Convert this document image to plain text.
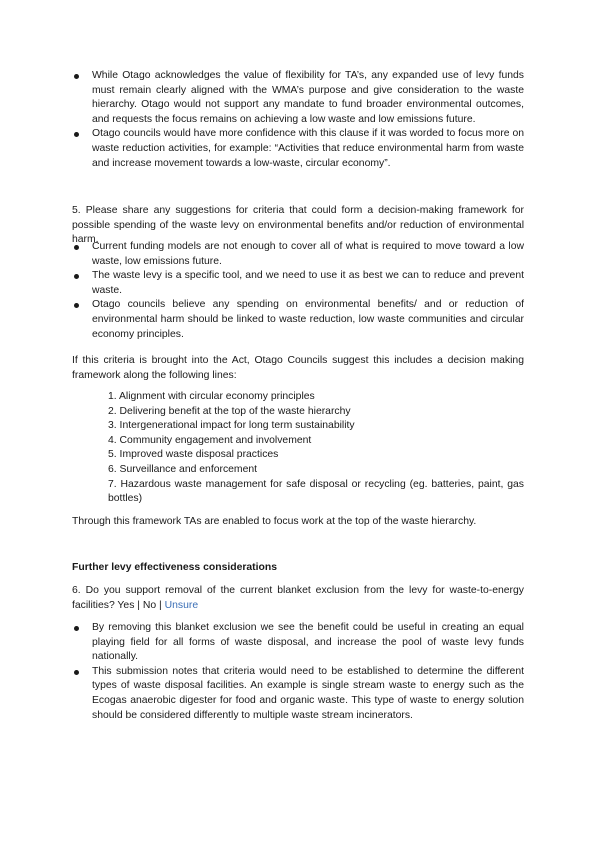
While Otago acknowledges the value of flexibility for TA’s, any expanded use of levy funds must remain clearly aligned with the WMA’s purpose and give consideration to the waste hierarchy. Otago would not support any mandate to fund broader environmental outcomes, and requests the focus remains on achieving a low waste and low emissions future.
Otago councils would have more confidence with this clause if it was worded to focus more on waste reduction activities, for example: “Activities that reduce environmental harm from waste and increase movement towards a low-waste, circular economy”.
5. Please share any suggestions for criteria that could form a decision-making framework for possible spending of the waste levy on environmental benefits and/or reduction of environmental harm.
Current funding models are not enough to cover all of what is required to move toward a low waste, low emissions future.
The waste levy is a specific tool, and we need to use it as best we can to reduce and prevent waste.
Otago councils believe any spending on environmental benefits/ and or reduction of environmental harm should be linked to waste reduction, low waste communities and circular economy principles.
If this criteria is brought into the Act, Otago Councils suggest this includes a decision making framework along the following lines:
1. Alignment with circular economy principles
2. Delivering benefit at the top of the waste hierarchy
3. Intergenerational impact for long term sustainability
4. Community engagement and involvement
5. Improved waste disposal practices
6. Surveillance and enforcement
7. Hazardous waste management for safe disposal or recycling (eg. batteries, paint, gas bottles)
Through this framework TAs are enabled to focus work at the top of the waste hierarchy.
Further levy effectiveness considerations
6. Do you support removal of the current blanket exclusion from the levy for waste-to-energy facilities? Yes | No | Unsure
By removing this blanket exclusion we see the benefit could be useful in creating an equal playing field for all forms of waste disposal, and increase the pool of waste levy funds nationally.
This submission notes that criteria would need to be established to determine the different types of waste disposal facilities. An example is single stream waste to energy such as the Ecogas anaerobic digester for food and organic waste. This type of waste to energy solution should be considered differently to multiple waste stream incinerators.
